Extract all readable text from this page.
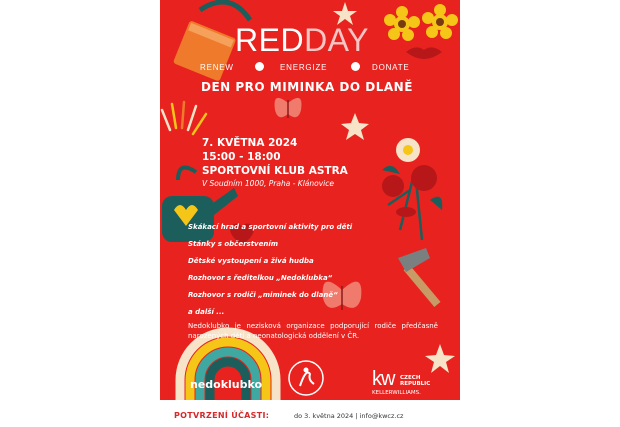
REDDAY
RENEW	ENERGIZE	DONATE
DEN PRO MIMINKA DO DLANĚ
7. KVĚTNA 2024
15:00 - 18:00
SPORTOVNÍ KLUB ASTRA
V Soudním 1000, Praha - Klánovice
Skákací hrad a sportovní aktivity pro děti
Stánky s občerstvením
Dětské vystoupení a živá hudba
Rozhovor s ředitelkou „Nedoklubka“
Rozhovor s rodiči „miminek do dlaně“
a další ...
Nedoklubko je nezisková organizace podporující rodiče předčasně narozených dětí a neonatologická oddělení v ČR.
nedoklubko	kw CZECH
REPUBLIC
KELLERWILLIAMS.
POTVRZENÍ ÚČASTI:	do 3. května 2024 | info@kwcz.cz
